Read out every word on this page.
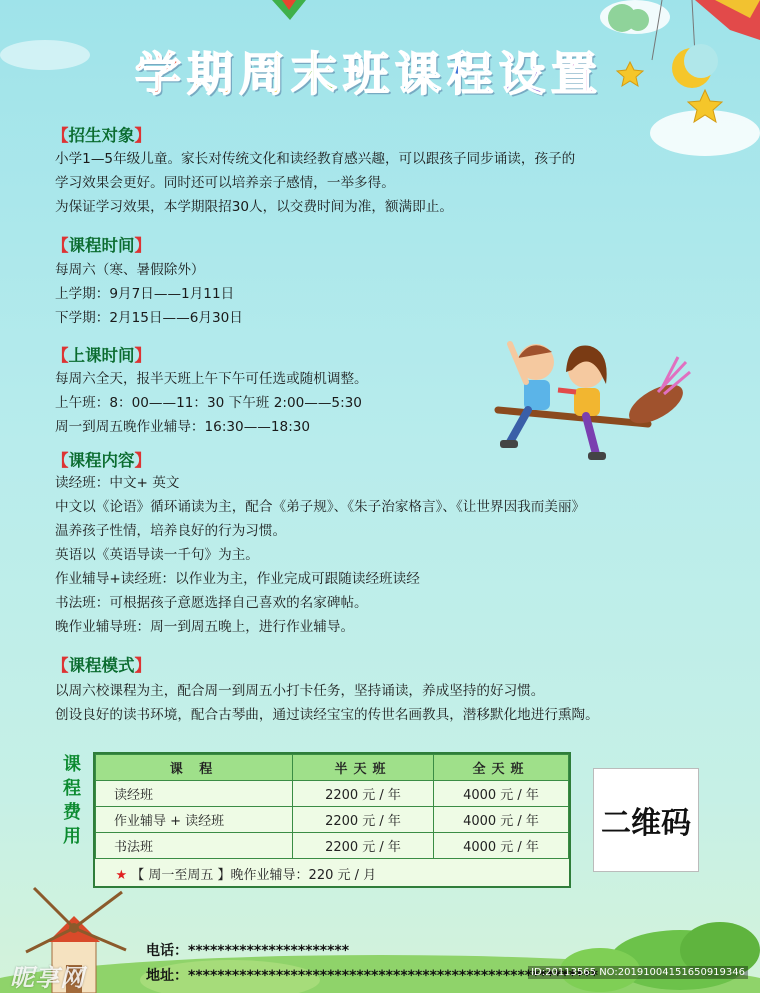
学期周末班课程设置
【招生对象】
小学1—5年级儿童。家长对传统文化和读经教育感兴趣，可以跟孩子同步诵读，孩子的
学习效果会更好。同时还可以培养亲子感情，一举多得。
为保证学习效果，本学期限招30人，以交费时间为准，额满即止。
【课程时间】
每周六（寒、暑假除外）
上学期：9月7日——1月11日
下学期：2月15日——6月30日
【上课时间】
每周六全天，报半天班上午下午可任选或随机调整。
上午班：8：00——11：30 下午班 2:00——5:30
周一到周五晚作业辅导：16:30——18:30
【课程内容】
读经班：中文+ 英文
中文以《论语》循环诵读为主，配合《弟子规》、《朱子治家格言》、《让世界因我而美丽》
温养孩子性情，培养良好的行为习惯。
英语以《英语导读一千句》为主。
作业辅导+读经班：以作业为主，作业完成可跟随读经班读经
书法班：可根据孩子意愿选择自己喜欢的名家碑帖。
晚作业辅导班：周一到周五晚上，进行作业辅导。
【课程模式】
以周六校课程为主，配合周一到周五小打卡任务，坚持诵读，养成坚持的好习惯。
创设良好的读书环境，配合古琴曲，通过读经宝宝的传世名画教具，潜移默化地进行熏陶。
课
程
费
用
课 程	半天班	全天班
读经班	2200 元 / 年	4000 元 / 年
作业辅导 + 读经班	2200 元 / 年	4000 元 / 年
书法班	2200 元 / 年	4000 元 / 年
★ 【 周一至周五 】晚作业辅导：220 元 / 月		
二维码
电话：**********************
地址：********************************************************
昵享网	ID:20113565 NO:20191004151650919346
